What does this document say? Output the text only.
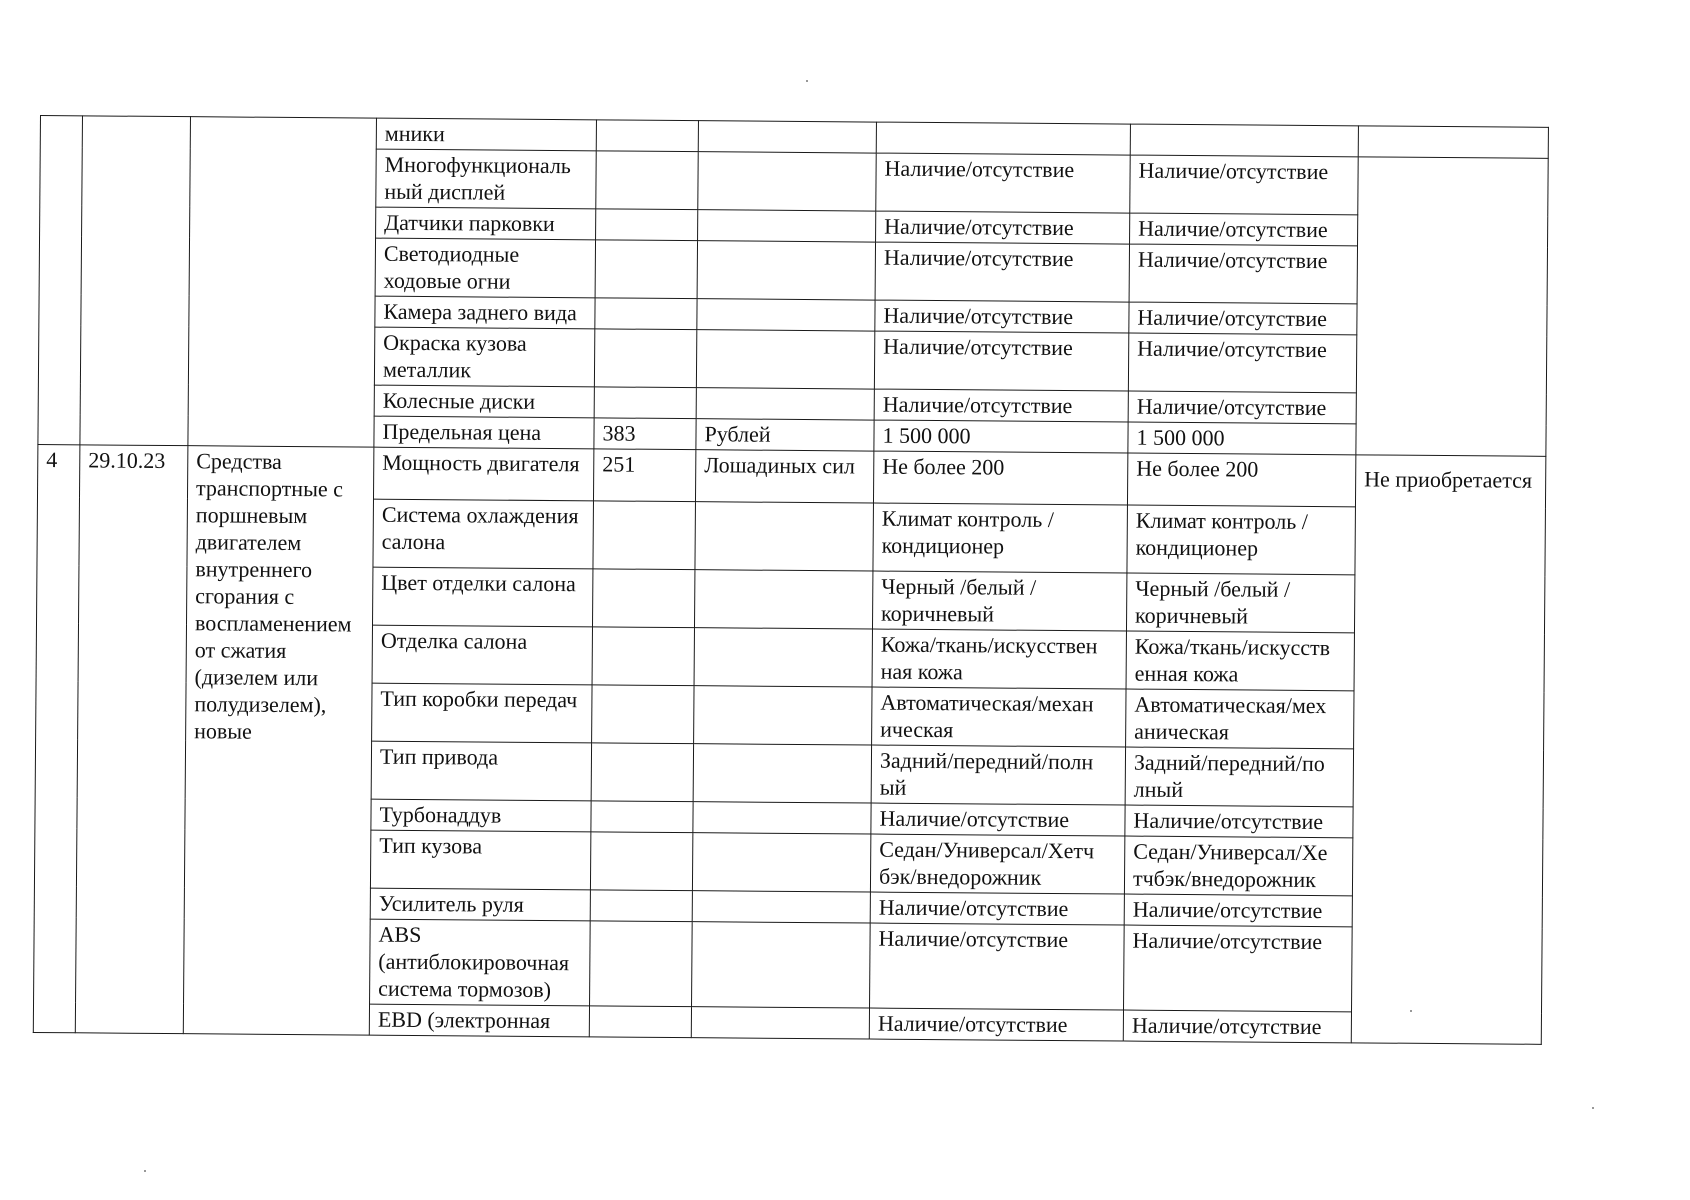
			мники					
			Многофункциональ ный дисплей			Наличие/отсутствие	Наличие/отсутствие	
			Датчики парковки			Наличие/отсутствие	Наличие/отсутствие	
			Светодиодные ходовые огни			Наличие/отсутствие	Наличие/отсутствие	
			Камера заднего вида			Наличие/отсутствие	Наличие/отсутствие	
			Окраска кузова металлик			Наличие/отсутствие	Наличие/отсутствие	
			Колесные диски			Наличие/отсутствие	Наличие/отсутствие	
			Предельная цена	383	Рублей	1 500 000	1 500 000	
4	29.10.23	Средства транспортные с поршневым двигателем внутреннего сгорания с воспламенением от сжатия (дизелем или полудизелем), новые	Мощность двигателя	251	Лошадиных сил	Не более 200	Не более 200	Не приобретается
			Система охлаждения салона			Климат контроль /кондиционер	Климат контроль /кондиционер	
			Цвет отделки салона			Черный /белый / коричневый	Черный /белый / коричневый	
			Отделка салона			Кожа/ткань/искусствен ная кожа	Кожа/ткань/искусств енная кожа	
			Тип коробки передач			Автоматическая/механ ическая	Автоматическая/мех аническая	
			Тип привода			Задний/передний/полн ый	Задний/передний/по лный	
			Турбонаддув			Наличие/отсутствие	Наличие/отсутствие	
			Тип кузова			Седан/Универсал/Хетч бэк/внедорожник	Седан/Универсал/Хе тчбэк/внедорожник	
			Усилитель руля			Наличие/отсутствие	Наличие/отсутствие	
			ABS (антиблокировочная система тормозов)			Наличие/отсутствие	Наличие/отсутствие	
			EBD (электронная			Наличие/отсутствие	Наличие/отсутствие	
